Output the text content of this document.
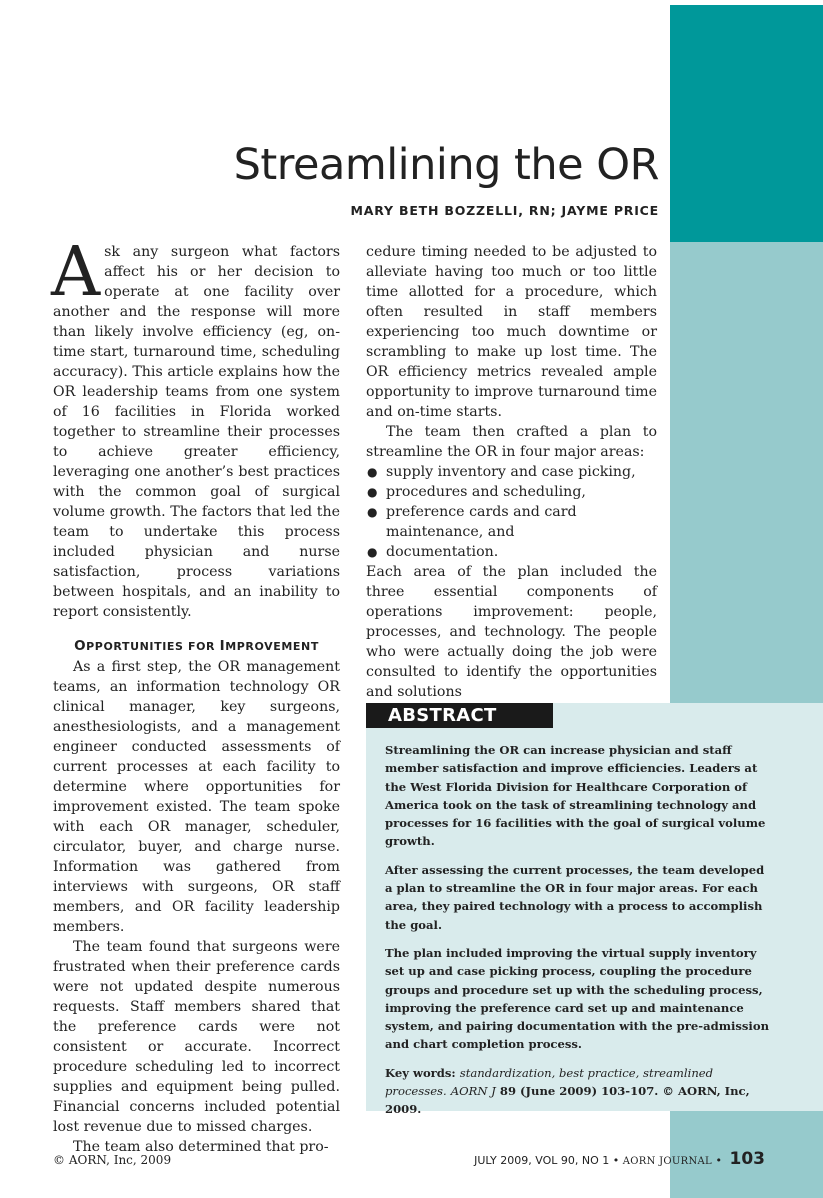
Streamlining the OR
MARY BETH BOZZELLI, RN; JAYME PRICE

Ask any surgeon what factors affect his or her decision to operate at one facility over another and the response will more than likely involve efficiency (eg, on-time start, turnaround time, scheduling accuracy). This article explains how the OR leadership teams from one system of 16 facilities in Florida worked together to streamline their processes to achieve greater efficiency, leveraging one another’s best practices with the common goal of surgical volume growth. The factors that led the team to undertake this process included physician and nurse satisfaction, process variations between hospitals, and an inability to report consistently.

OPPORTUNITIES FOR IMPROVEMENT

As a first step, the OR management teams, an information technology OR clinical manager, key surgeons, anesthesiologists, and a management engineer conducted assessments of current processes at each facility to determine where opportunities for improvement existed. The team spoke with each OR manager, scheduler, circulator, buyer, and charge nurse. Information was gathered from interviews with surgeons, OR staff members, and OR facility leadership members.

The team found that surgeons were frustrated when their preference cards were not updated despite numerous requests. Staff members shared that the preference cards were not consistent or accurate. Incorrect procedure scheduling led to incorrect supplies and equipment being pulled. Financial concerns included potential lost revenue due to missed charges.

The team also determined that pro-

cedure timing needed to be adjusted to alleviate having too much or too little time allotted for a procedure, which often resulted in staff members experiencing too much downtime or scrambling to make up lost time. The OR efficiency metrics revealed ample opportunity to improve turnaround time and on-time starts.

The team then crafted a plan to streamline the OR in four major areas:

● supply inventory and case picking,
● procedures and scheduling,
● preference cards and card maintenance, and
● documentation.

Each area of the plan included the three essential components of operations improvement: people, processes, and technology. The people who were actually doing the job were consulted to identify the opportunities and solutions

ABSTRACT

Streamlining the OR can increase physician and staff member satisfaction and improve efficiencies. Leaders at the West Florida Division for Healthcare Corporation of America took on the task of streamlining technology and processes for 16 facilities with the goal of surgical volume growth.

After assessing the current processes, the team developed a plan to streamline the OR in four major areas. For each area, they paired technology with a process to accomplish the goal.

The plan included improving the virtual supply inventory set up and case picking process, coupling the procedure groups and procedure set up with the scheduling process, improving the preference card set up and maintenance system, and pairing documentation with the pre-admission and chart completion process.

Key words: standardization, best practice, streamlined processes. AORN J 89 (June 2009) 103-107. © AORN, Inc, 2009.

© AORN, Inc, 2009	JULY 2009, VOL 90, NO 1 • AORN JOURNAL • 103
